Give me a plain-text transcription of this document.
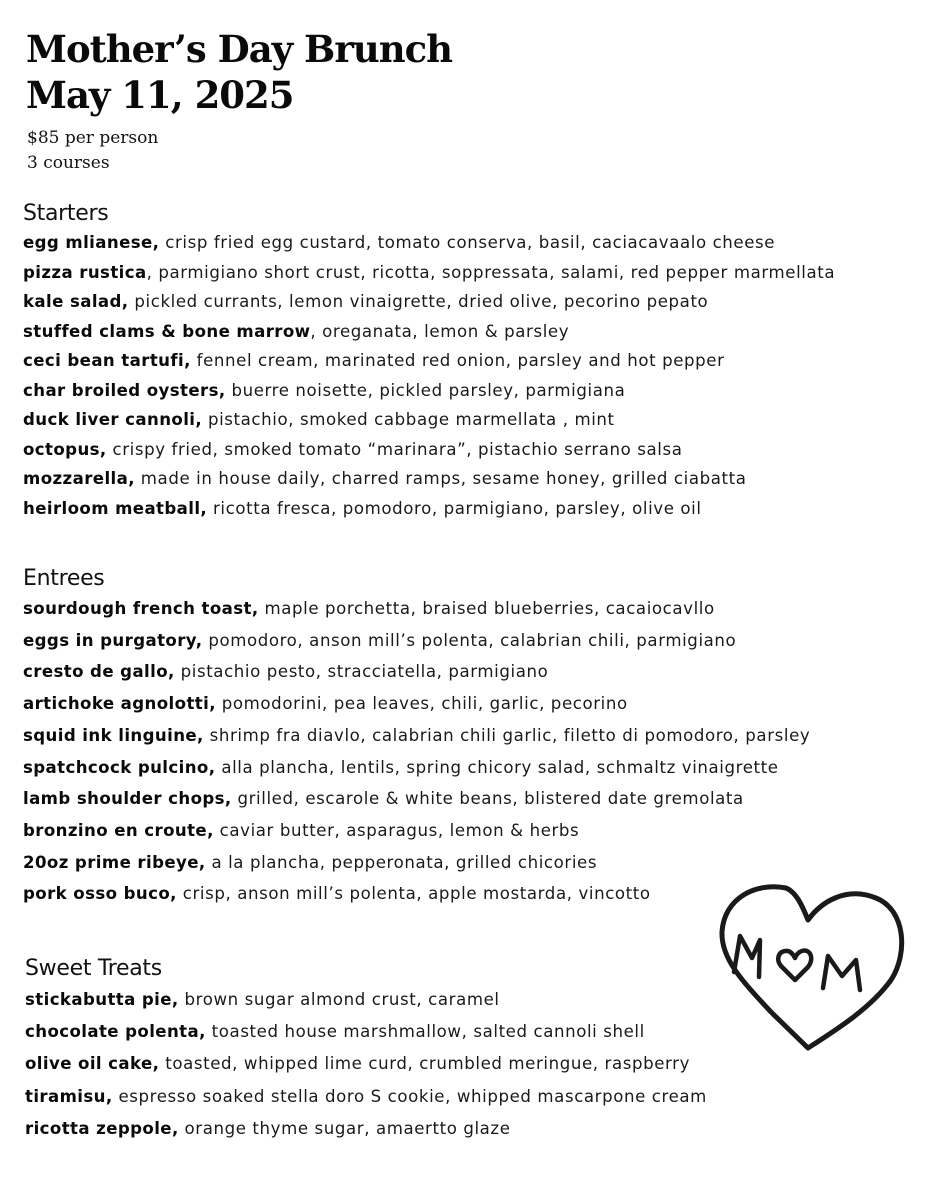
Mother’s Day Brunch
May 11, 2025
$85 per person
3 courses
Starters
egg mlianese, crisp fried egg custard, tomato conserva, basil, caciacavaalo cheese
pizza rustica, parmigiano short crust, ricotta, soppressata, salami, red pepper marmellata
kale salad, pickled currants, lemon vinaigrette, dried olive, pecorino pepato
stuffed clams & bone marrow, oreganata, lemon & parsley
ceci bean tartufi, fennel cream, marinated red onion, parsley and hot pepper
char broiled oysters, buerre noisette, pickled parsley, parmigiana
duck liver cannoli, pistachio, smoked cabbage marmellata , mint
octopus, crispy fried, smoked tomato “marinara”, pistachio serrano salsa
mozzarella, made in house daily, charred ramps, sesame honey, grilled ciabatta
heirloom meatball, ricotta fresca, pomodoro, parmigiano, parsley, olive oil
Entrees
sourdough french toast, maple porchetta, braised blueberries, cacaiocavllo
eggs in purgatory, pomodoro, anson mill’s polenta, calabrian chili, parmigiano
cresto de gallo, pistachio pesto, stracciatella, parmigiano
artichoke agnolotti, pomodorini, pea leaves, chili, garlic, pecorino
squid ink linguine, shrimp fra diavlo, calabrian chili garlic, filetto di pomodoro, parsley
spatchcock pulcino, alla plancha, lentils, spring chicory salad, schmaltz vinaigrette
lamb shoulder chops, grilled, escarole & white beans, blistered date gremolata
bronzino en croute, caviar butter, asparagus, lemon & herbs
20oz prime ribeye, a la plancha, pepperonata, grilled chicories
pork osso buco, crisp, anson mill’s polenta, apple mostarda, vincotto
Sweet Treats
stickabutta pie, brown sugar almond crust, caramel
chocolate polenta, toasted house marshmallow, salted cannoli shell
olive oil cake, toasted, whipped lime curd, crumbled meringue, raspberry
tiramisu, espresso soaked stella doro S cookie, whipped mascarpone cream
ricotta zeppole, orange thyme sugar, amaertto glaze
